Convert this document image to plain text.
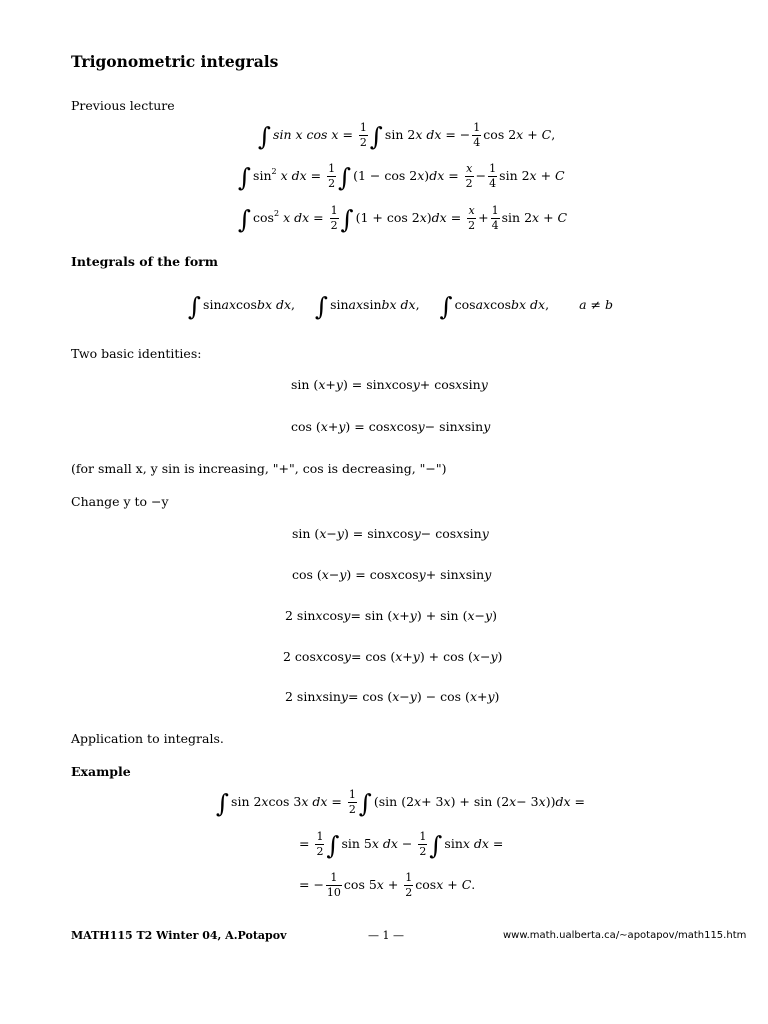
Trigonometric integrals
Previous lecture
∫ sin x $\cos x = \frac{1}{2}$ ∫ sin 2 x dx = − $\frac{1}{4}$ cos 2 x + C ,
∫ $\sin^2$
x dx = $\frac{1}{2}$ ∫ (1 − cos 2 x ) dx = $\frac{x}{2} - \frac{1}{4}$ sin 2 x + C
∫ $\cos^2$
x dx = $\frac{1}{2}$ ∫ (1 + cos 2 x ) dx = $\frac{x}{2} + \frac{1}{4}$ sin 2 x + C
Integrals of the form
∫ sin ax cos bx dx , ∫ sin ax sin bx dx , ∫ cos ax cos bx dx , a ≠ b
Two basic identities:
sin ( x + y ) = sin x cos y + cos x sin y
cos ( x + y ) = cos x cos y − sin x sin y
(for small x, y sin is increasing, "+", cos is decreasing, "−")
Change y to −y
sin ( x − y ) = sin x cos y − cos x sin y
cos ( x − y ) = cos x cos y + sin x sin y
2 sin x cos y = sin ( x + y ) + sin ( x − y )
2 cos x cos y = cos ( x + y ) + cos ( x − y )
2 sin x sin y = cos ( x − y ) − cos ( x + y )
Application to integrals.
Example
∫ sin 2 x cos 3 x dx = $\frac{1}{2}$ ∫ (sin (2 x + 3 x ) + sin (2 x − 3 x )) dx =
= $\frac{1}{2}$ ∫ sin 5 x dx − $\frac{1}{2}$ ∫ sin x dx =
= − $\frac{1}{10}$ cos 5 $x + \frac{1}{2}$ cos x + C .
MATH115 T2 Winter 04, A.Potapov	— 1 —	www.math.ualberta.ca/∼apotapov/math115.htm
